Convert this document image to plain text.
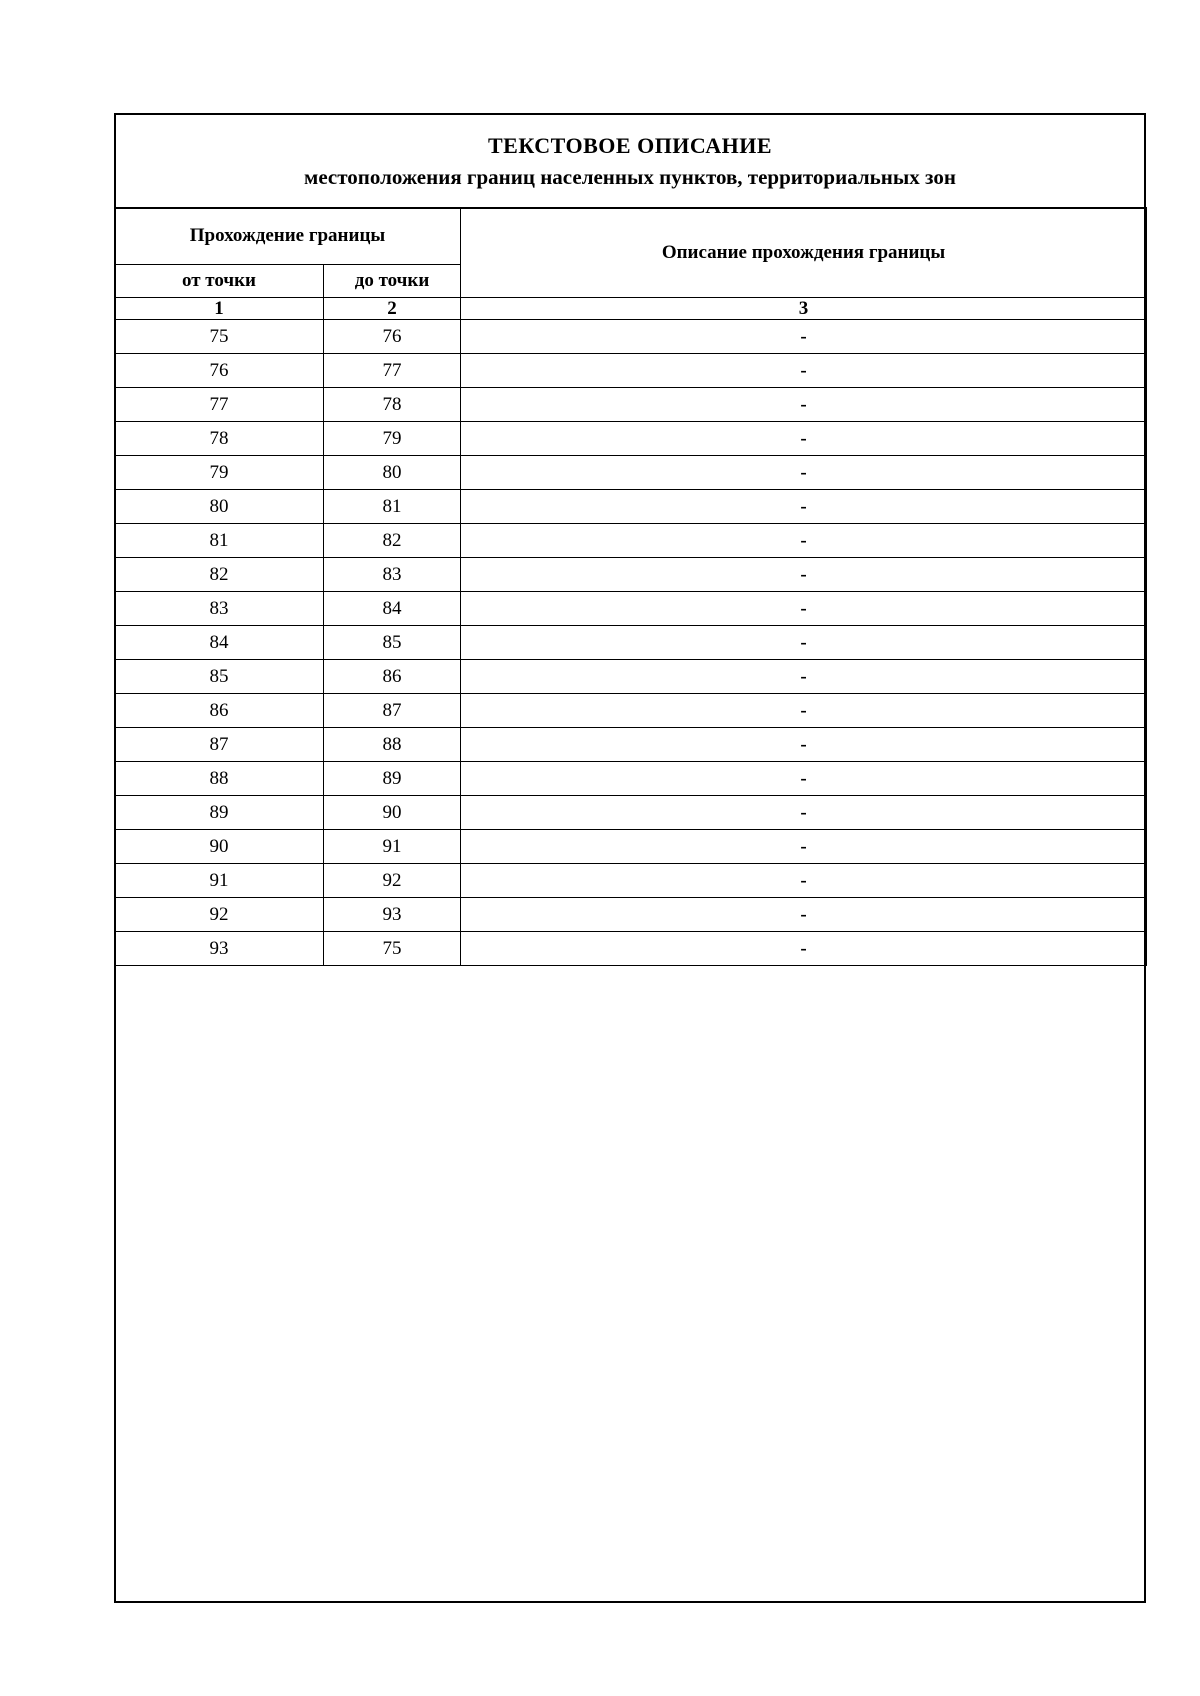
ТЕКСТОВОЕ ОПИСАНИЕ
местоположения границ населенных пунктов, территориальных зон
Прохождение границы		Описание прохождения границы
от точки	до точки	
1	2	3
75	76	-
76	77	-
77	78	-
78	79	-
79	80	-
80	81	-
81	82	-
82	83	-
83	84	-
84	85	-
85	86	-
86	87	-
87	88	-
88	89	-
89	90	-
90	91	-
91	92	-
92	93	-
93	75	-
